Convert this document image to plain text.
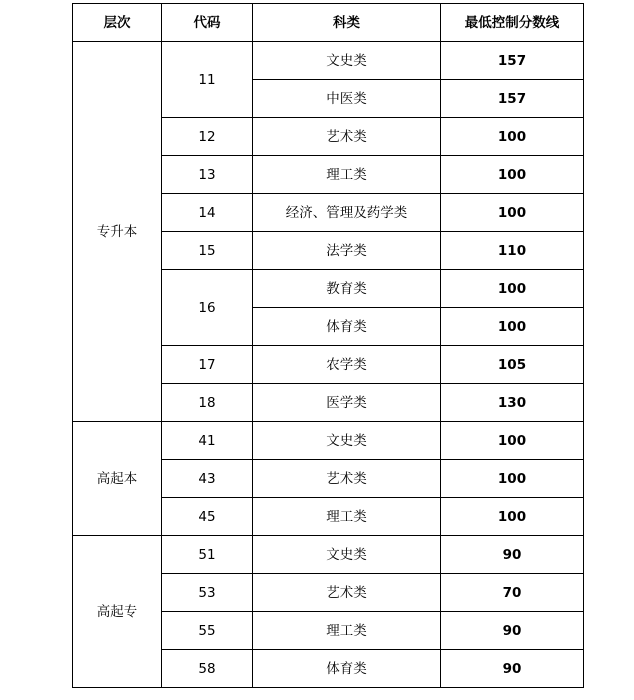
层次	代码	科类	最低控制分数线
专升本	11	文史类	157
		中医类	157
	12	艺术类	100
	13	理工类	100
	14	经济、管理及药学类	100
	15	法学类	110
	16	教育类	100
		体育类	100
	17	农学类	105
	18	医学类	130
高起本	41	文史类	100
	43	艺术类	100
	45	理工类	100
高起专	51	文史类	90
	53	艺术类	70
	55	理工类	90
	58	体育类	90
